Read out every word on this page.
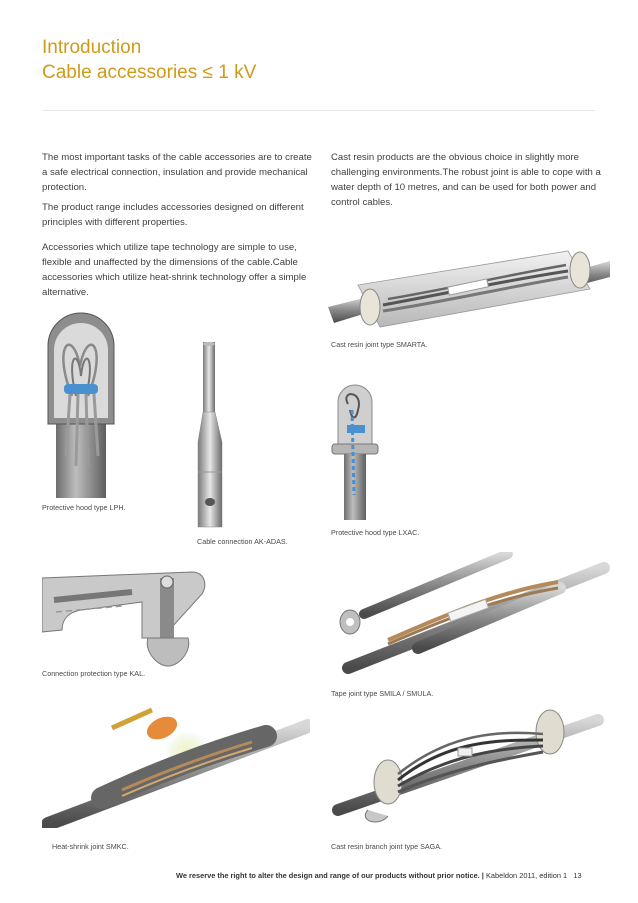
Introduction
Cable accessories ≤ 1 kV

The most important tasks of the cable accessories are to create a safe electrical connection, insulation and provide mechanical protection.

The product range includes accessories designed on different principles with different properties.

Accessories which utilize tape technology are simple to use, flexible and unaffected by the dimensions of the cable.Cable accessories which utilize heat-shrink technology offer a simple alternative.

Cast resin products are the obvious choice in slightly more challenging environments.The robust joint is able to cope with a water depth of 10 metres, and can be used for both power and control cables.

Cast resin joint type SMARTA.
Protective hood type LPH.
Cable connection AK-ADAS.
Protective hood type LXAC.
Connection protection type KAL.
Tape joint type SMILA / SMULA.
Heat-shrink joint SMKC.	Cast resin branch joint type SAGA.
We reserve the right to alter the design and range of our products without prior notice. | Kabeldon 2011, edition 1 13
